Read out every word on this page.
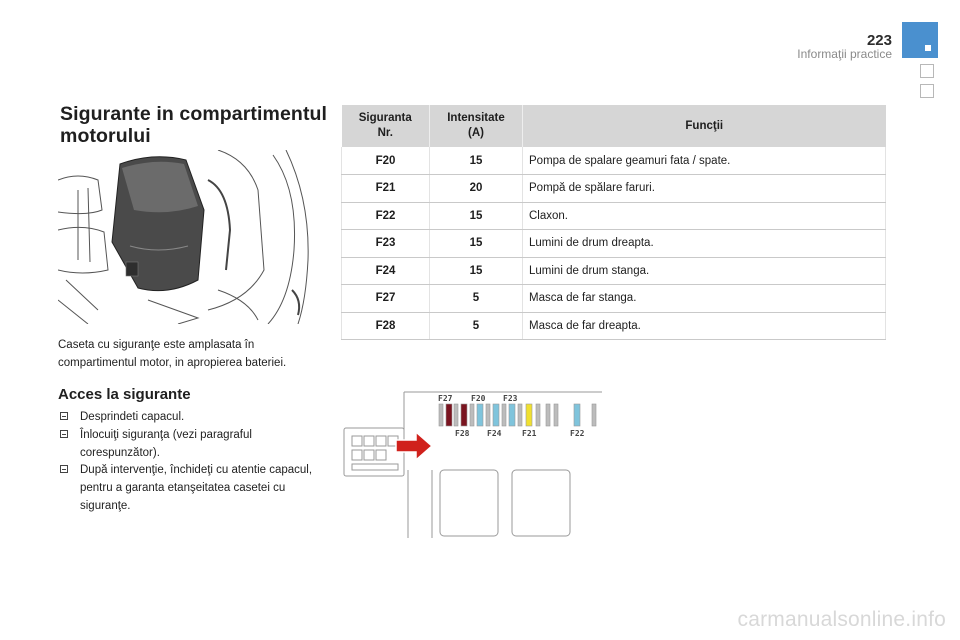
223
Informaţii practice
Sigurante in compartimentul motorului

Caseta cu siguranţe este amplasata în compartimentul motor, in apropierea bateriei.

Acces la sigurante
Desprindeti capacul.
Înlocuiţi siguranţa (vezi paragraful corespunzător).
După intervenţie, închideţi cu atentie capacul, pentru a garanta etanşeitatea casetei cu siguranţe.
Siguranta Nr.	Intensitate (A)	Funcţii
F20	15	Pompa de spalare geamuri fata / spate.
F21	20	Pompă de spălare faruri.
F22	15	Claxon.
F23	15	Lumini de drum dreapta.
F24	15	Lumini de drum stanga.
F27	5	Masca de far stanga.
F28	5	Masca de far dreapta.
F27 F20 F23
F28 F24	F21	F22
carmanualsonline.info
